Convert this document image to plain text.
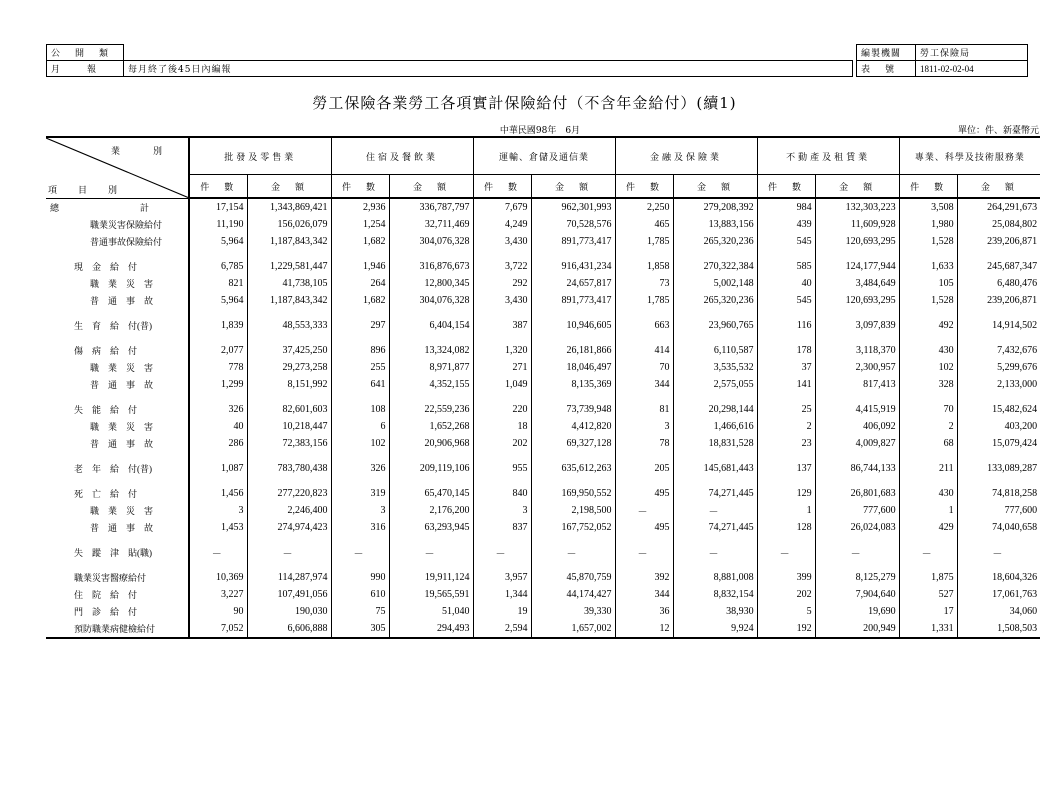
公　開　類
月　　報	每月終了後45日內編報
編製機關	勞工保險局
表　號	1811-02-02-04
勞工保險各業勞工各項實計保險給付（不含年金給付）(續1)
中華民國98年　6月	單位：件、新臺幣元
業　別
項　目　別	批發及零售業		住宿及餐飲業		運輸、倉儲及通信業		金融及保險業		不動產及租賃業		專業、科學及技術服務業	
	件　數	金　額	件　數	金　額	件　數	金　額	件　數	金　額	件　數	金　額	件　數	金　額
總　　　　　　　　　計	17,154	1,343,869,421	2,936	336,787,797	7,679	962,301,993	2,250	279,208,392	984	132,303,223	3,508	264,291,673
職業災害保險給付	11,190	156,026,079	1,254	32,711,469	4,249	70,528,576	465	13,883,156	439	11,609,928	1,980	25,084,802
普通事故保險給付	5,964	1,187,843,342	1,682	304,076,328	3,430	891,773,417	1,785	265,320,236	545	120,693,295	1,528	239,206,871

現　金　給　付	6,785	1,229,581,447	1,946	316,876,673	3,722	916,431,234	1,858	270,322,384	585	124,177,944	1,633	245,687,347
職　業　災　害	821	41,738,105	264	12,800,345	292	24,657,817	73	5,002,148	40	3,484,649	105	6,480,476
普　通　事　故	5,964	1,187,843,342	1,682	304,076,328	3,430	891,773,417	1,785	265,320,236	545	120,693,295	1,528	239,206,871

生　育　給　付(普)	1,839	48,553,333	297	6,404,154	387	10,946,605	663	23,960,765	116	3,097,839	492	14,914,502

傷　病　給　付	2,077	37,425,250	896	13,324,082	1,320	26,181,866	414	6,110,587	178	3,118,370	430	7,432,676
職　業　災　害	778	29,273,258	255	8,971,877	271	18,046,497	70	3,535,532	37	2,300,957	102	5,299,676
普　通　事　故	1,299	8,151,992	641	4,352,155	1,049	8,135,369	344	2,575,055	141	817,413	328	2,133,000

失　能　給　付	326	82,601,603	108	22,559,236	220	73,739,948	81	20,298,144	25	4,415,919	70	15,482,624
職　業　災　害	40	10,218,447	6	1,652,268	18	4,412,820	3	1,466,616	2	406,092	2	403,200
普　通　事　故	286	72,383,156	102	20,906,968	202	69,327,128	78	18,831,528	23	4,009,827	68	15,079,424

老　年　給　付(普)	1,087	783,780,438	326	209,119,106	955	635,612,263	205	145,681,443	137	86,744,133	211	133,089,287

死　亡　給　付	1,456	277,220,823	319	65,470,145	840	169,950,552	495	74,271,445	129	26,801,683	430	74,818,258
職　業　災　害	3	2,246,400	3	2,176,200	3	2,198,500	－	－	1	777,600	1	777,600
普　通　事　故	1,453	274,974,423	316	63,293,945	837	167,752,052	495	74,271,445	128	26,024,083	429	74,040,658

失　蹤　津　貼(職)	－	－	－	－	－	－	－	－	－	－	－	－

職業災害醫療給付	10,369	114,287,974	990	19,911,124	3,957	45,870,759	392	8,881,008	399	8,125,279	1,875	18,604,326
住　院　給　付	3,227	107,491,056	610	19,565,591	1,344	44,174,427	344	8,832,154	202	7,904,640	527	17,061,763
門　診　給　付	90	190,030	75	51,040	19	39,330	36	38,930	5	19,690	17	34,060
預防職業病健檢給付	7,052	6,606,888	305	294,493	2,594	1,657,002	12	9,924	192	200,949	1,331	1,508,503
